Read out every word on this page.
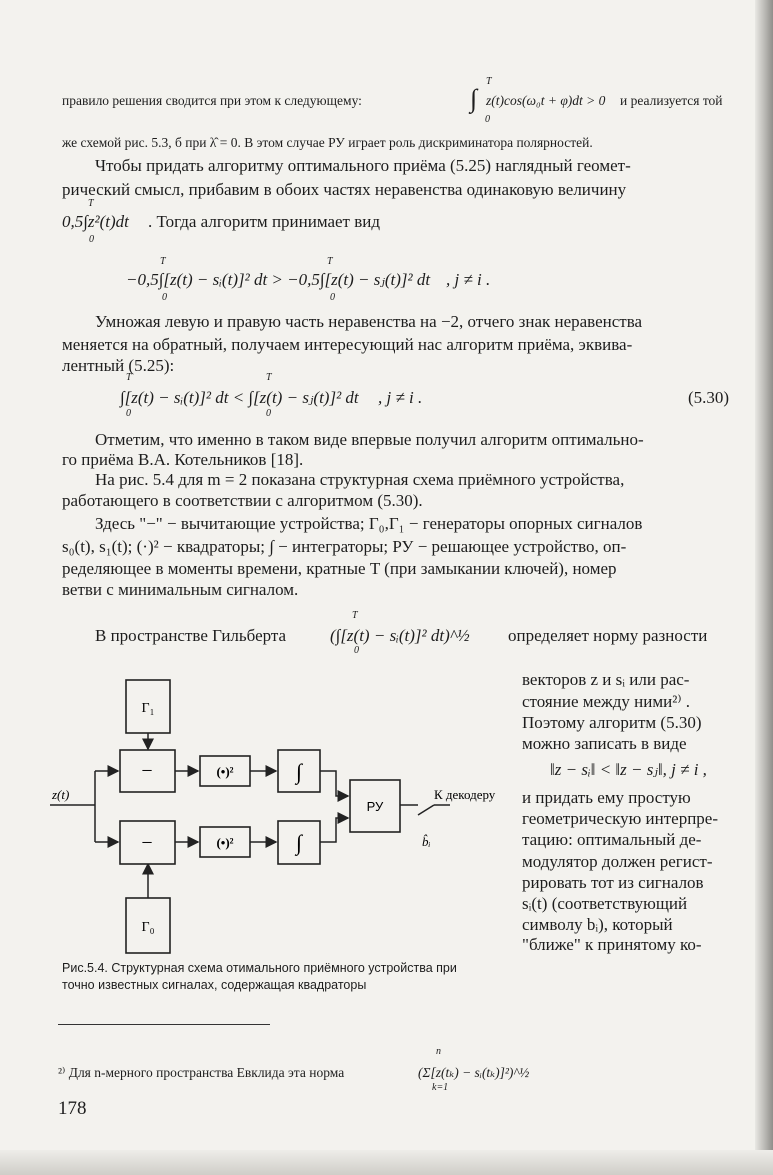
правило решения сводится при этом к следующему:
T
∫
0
z(t)cos(ω₀t + φ)dt > 0 и реализуется той
же схемой рис. 5.3, б при λ̂ = 0. В этом случае РУ играет роль дискриминатора полярностей.
Чтобы придать алгоритму оптимального приёма (5.25) наглядный геомет-
рический смысл, прибавим в обоих частях неравенства одинаковую величину
T
0
0,5∫z²(t)dt . Тогда алгоритм принимает вид
T
0
T
0
−0,5∫[z(t) − sᵢ(t)]² dt > −0,5∫[z(t) − sⱼ(t)]² dt , j ≠ i .
Умножая левую и правую часть неравенства на −2, отчего знак неравенства
меняется на обратный, получаем интересующий нас алгоритм приёма, эквива-
лентный (5.25):
T
0
T
0
∫[z(t) − sᵢ(t)]² dt < ∫[z(t) − sⱼ(t)]² dt , j ≠ i .	(5.30)
Отметим, что именно в таком виде впервые получил алгоритм оптимально-
го приёма В.А. Котельников [18].
На рис. 5.4 для m = 2 показана структурная схема приёмного устройства,
работающего в соответствии с алгоритмом (5.30).
Здесь "−" − вычитающие устройства; Γ₀,Γ₁ − генераторы опорных сигналов
s₀(t), s₁(t); (·)² − квадраторы; ∫ − интеграторы; РУ − решающее устройство, оп-
ределяющее в моменты времени, кратные T (при замыкании ключей), номер
ветви с минимальным сигналом.
В пространстве Гильберта
T
0
(∫[z(t) − sᵢ(t)]² dt)^½ определяет норму разности
векторов z и sᵢ или рас-
стояние между ними²⁾ .
Поэтому алгоритм (5.30)
можно записать в виде
‖z − sᵢ‖ < ‖z − sⱼ‖, j ≠ i ,
и придать ему простую
геометрическую интерпре-
тацию: оптимальный де-
модулятор должен регист-
рировать тот из сигналов
sᵢ(t) (соответствующий
символу bᵢ), который
"ближе" к принятому ко-
Γ₁
−	(•)²	∫
РУ
−	(•)²	∫
Γ₀
z(t)	К декодеру
b̂ᵢ
Рис.5.4. Структурная схема отимального приёмного устройства при
точно известных сигналах, содержащая квадраторы
²⁾ Для n-мерного пространства Евклида эта норма
n
k=1
(Σ[z(tₖ) − sᵢ(tₖ)]²)^½
178
